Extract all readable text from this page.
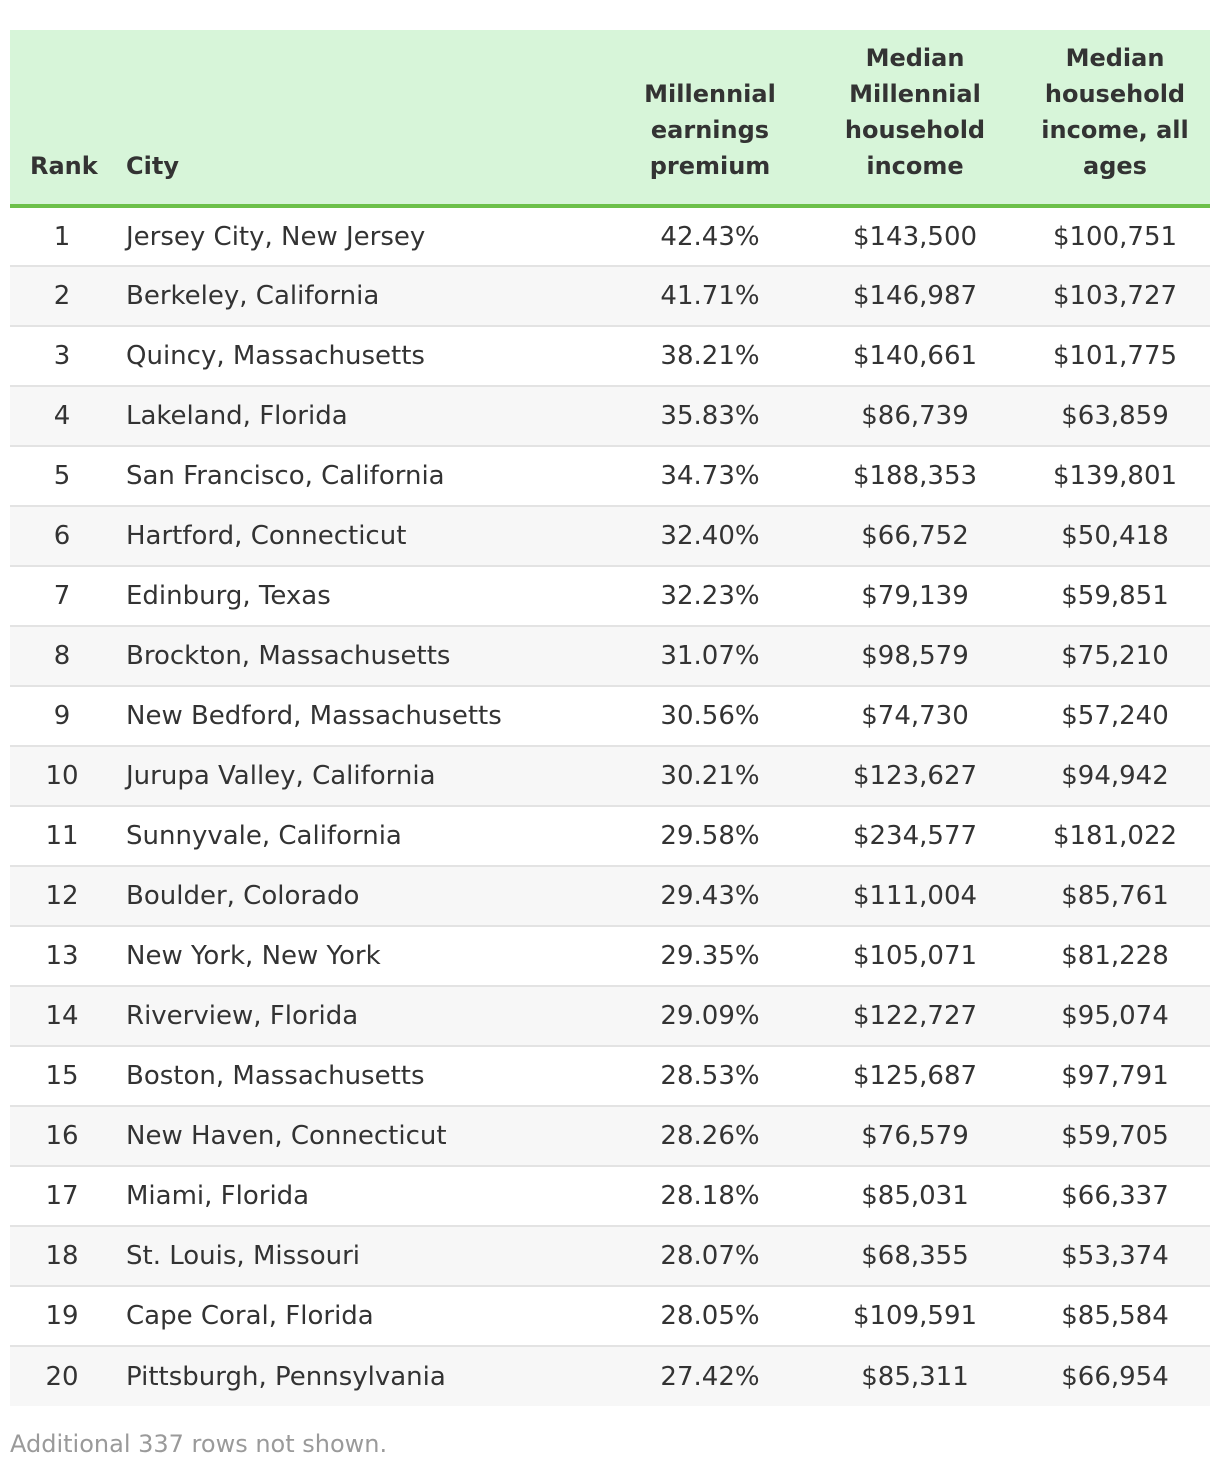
Rank	City	Millennial earnings premium	Median Millennial household income	Median household income, all ages
1	Jersey City, New Jersey	42.43%	$143,500	$100,751
2	Berkeley, California	41.71%	$146,987	$103,727
3	Quincy, Massachusetts	38.21%	$140,661	$101,775
4	Lakeland, Florida	35.83%	$86,739	$63,859
5	San Francisco, California	34.73%	$188,353	$139,801
6	Hartford, Connecticut	32.40%	$66,752	$50,418
7	Edinburg, Texas	32.23%	$79,139	$59,851
8	Brockton, Massachusetts	31.07%	$98,579	$75,210
9	New Bedford, Massachusetts	30.56%	$74,730	$57,240
10	Jurupa Valley, California	30.21%	$123,627	$94,942
11	Sunnyvale, California	29.58%	$234,577	$181,022
12	Boulder, Colorado	29.43%	$111,004	$85,761
13	New York, New York	29.35%	$105,071	$81,228
14	Riverview, Florida	29.09%	$122,727	$95,074
15	Boston, Massachusetts	28.53%	$125,687	$97,791
16	New Haven, Connecticut	28.26%	$76,579	$59,705
17	Miami, Florida	28.18%	$85,031	$66,337
18	St. Louis, Missouri	28.07%	$68,355	$53,374
19	Cape Coral, Florida	28.05%	$109,591	$85,584
20	Pittsburgh, Pennsylvania	27.42%	$85,311	$66,954
Additional 337 rows not shown.
